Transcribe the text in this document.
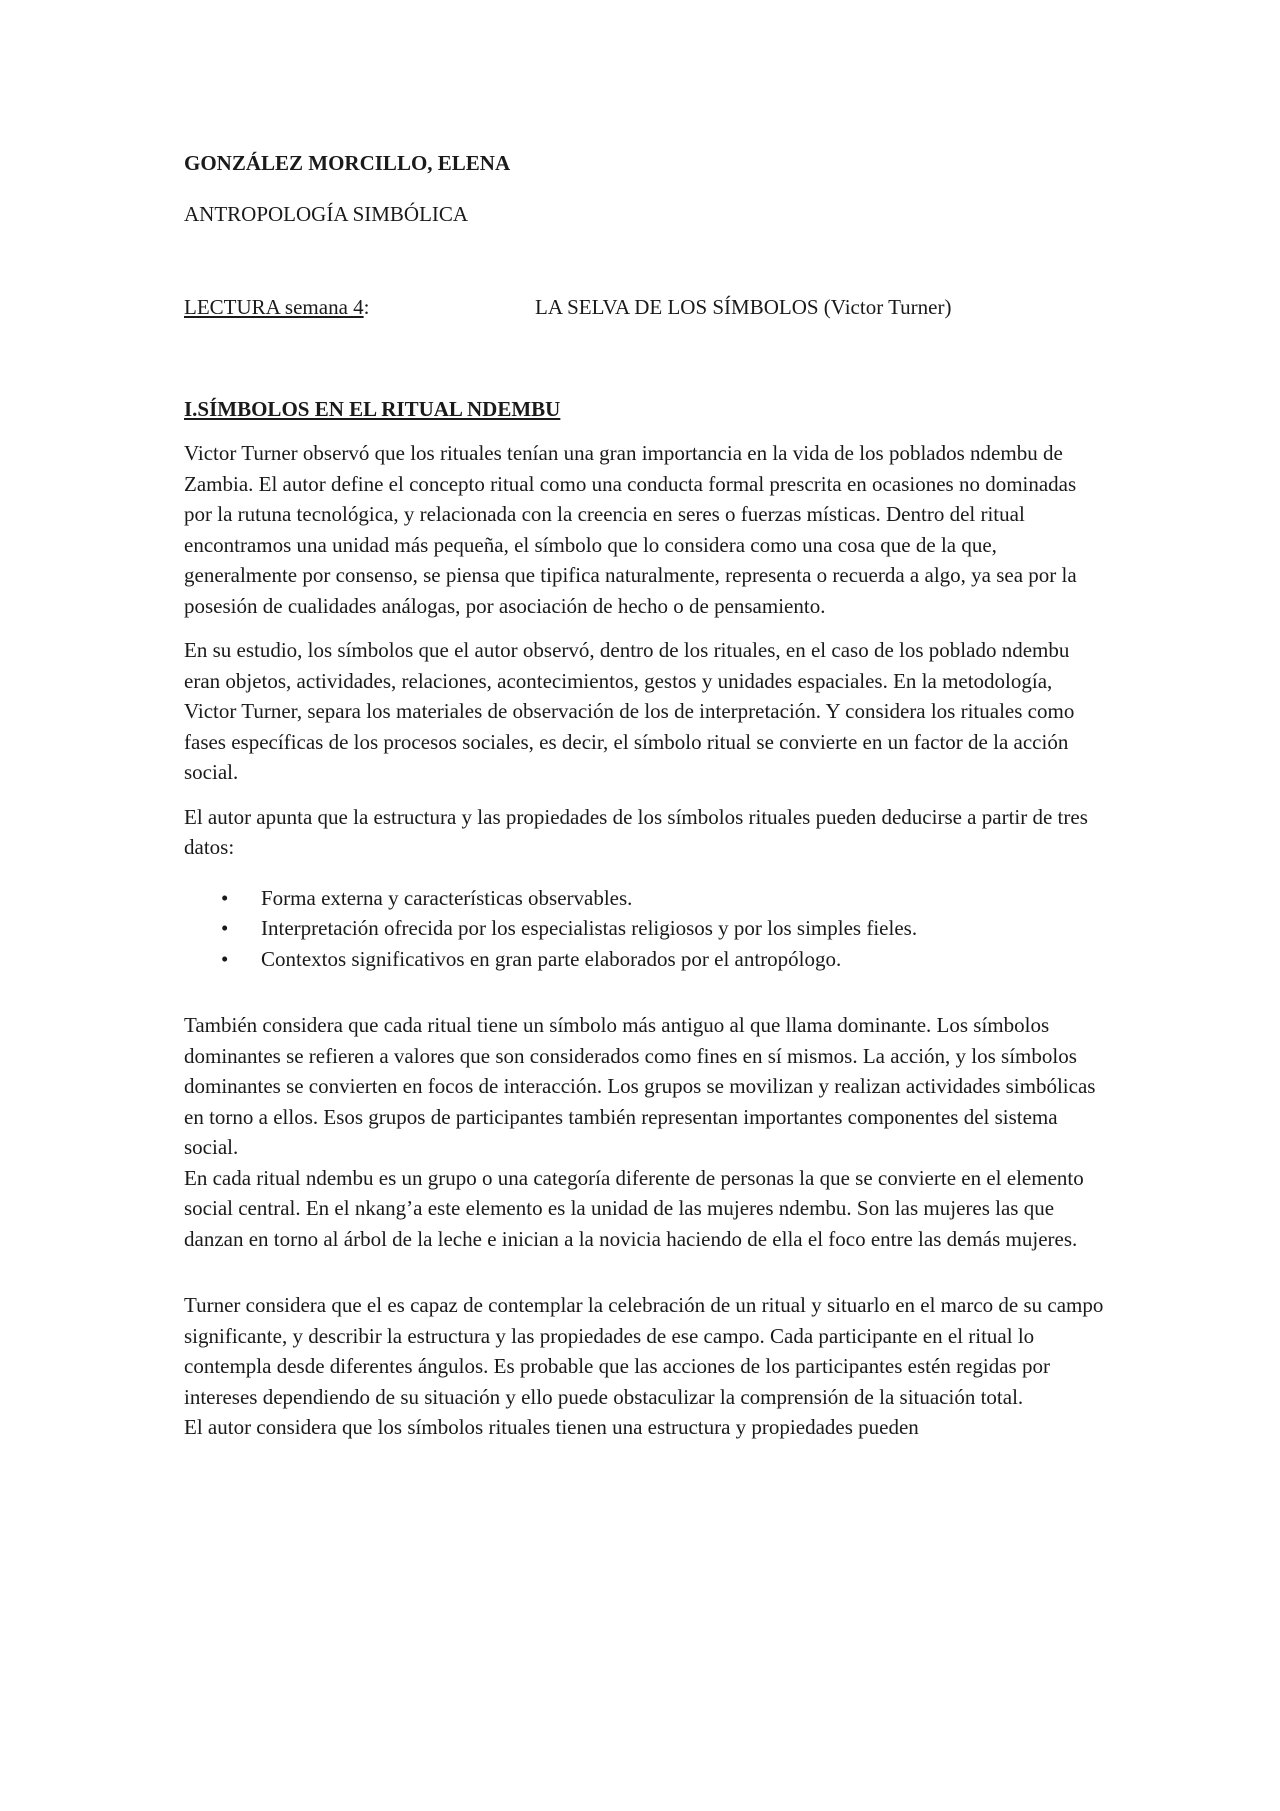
GONZÁLEZ MORCILLO, ELENA
ANTROPOLOGÍA SIMBÓLICA
LECTURA semana 4:	LA SELVA DE LOS SÍMBOLOS (Victor Turner)
I.SÍMBOLOS EN EL RITUAL NDEMBU

Victor Turner observó que los rituales tenían una gran importancia en la vida de los poblados ndembu de Zambia. El autor define el concepto ritual como una conducta formal prescrita en ocasiones no dominadas por la rutuna tecnológica, y relacionada con la creencia en seres o fuerzas místicas. Dentro del ritual encontramos una unidad más pequeña, el símbolo que lo considera como una cosa que de la que, generalmente por consenso, se piensa que tipifica naturalmente, representa o recuerda a algo, ya sea por la posesión de cualidades análogas, por asociación de hecho o de pensamiento.

En su estudio, los símbolos que el autor observó, dentro de los rituales, en el caso de los poblado ndembu eran objetos, actividades, relaciones, acontecimientos, gestos y unidades espaciales. En la metodología, Victor Turner, separa los materiales de observación de los de interpretación. Y considera los rituales como fases específicas de los procesos sociales, es decir, el símbolo ritual se convierte en un factor de la acción social.

El autor apunta que la estructura y las propiedades de los símbolos rituales pueden deducirse a partir de tres datos:

• Forma externa y características observables.
• Interpretación ofrecida por los especialistas religiosos y por los simples fieles.
• Contextos significativos en gran parte elaborados por el antropólogo.

También considera que cada ritual tiene un símbolo más antiguo al que llama dominante. Los símbolos dominantes se refieren a valores que son considerados como fines en sí mismos. La acción, y los símbolos dominantes se convierten en focos de interacción. Los grupos se movilizan y realizan actividades simbólicas en torno a ellos. Esos grupos de participantes también representan importantes componentes del sistema social.

En cada ritual ndembu es un grupo o una categoría diferente de personas la que se convierte en el elemento social central. En el nkang’a este elemento es la unidad de las mujeres ndembu. Son las mujeres las que danzan en torno al árbol de la leche e inician a la novicia haciendo de ella el foco entre las demás mujeres.

Turner considera que el es capaz de contemplar la celebración de un ritual y situarlo en el marco de su campo significante, y describir la estructura y las propiedades de ese campo. Cada participante en el ritual lo contempla desde diferentes ángulos. Es probable que las acciones de los participantes estén regidas por intereses dependiendo de su situación y ello puede obstaculizar la comprensión de la situación total.

El autor considera que los símbolos rituales tienen una estructura y propiedades pueden
